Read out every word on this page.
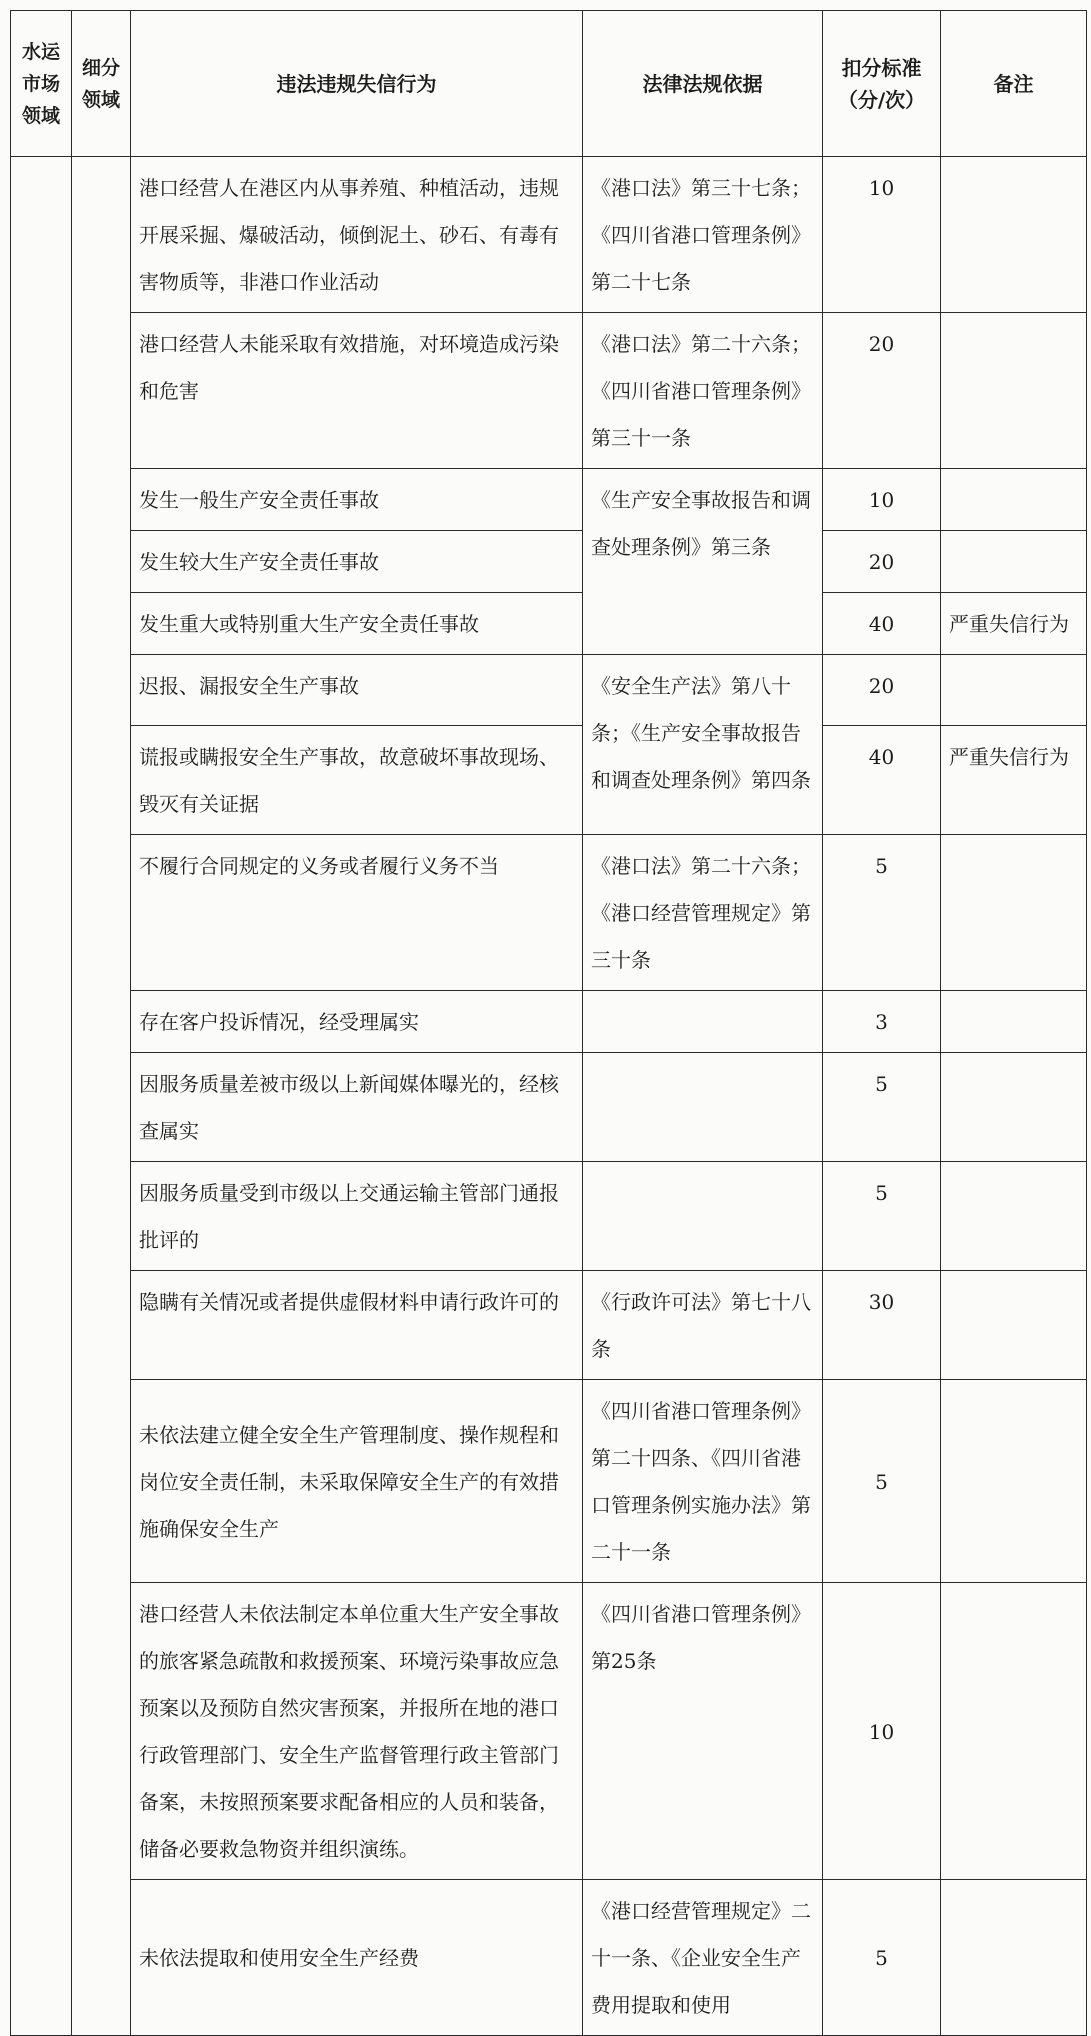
水运市场领域	细分领域	违法违规失信行为	法律法规依据	扣分标准（分/次）	备注
		港口经营人在港区内从事养殖、种植活动，违规开展采掘、爆破活动，倾倒泥土、砂石、有毒有害物质等，非港口作业活动	《港口法》第三十七条；《四川省港口管理条例》第二十七条	10	
		港口经营人未能采取有效措施，对环境造成污染和危害	《港口法》第二十六条；《四川省港口管理条例》第三十一条	20	
		发生一般生产安全责任事故	《生产安全事故报告和调查处理条例》第三条	10	
		发生较大生产安全责任事故		20	
		发生重大或特别重大生产安全责任事故		40	严重失信行为
		迟报、漏报安全生产事故	《安全生产法》第八十条；《生产安全事故报告和调查处理条例》第四条	20	
		谎报或瞒报安全生产事故，故意破坏事故现场、毁灭有关证据		40	严重失信行为
		不履行合同规定的义务或者履行义务不当	《港口法》第二十六条；《港口经营管理规定》第三十条	5	
		存在客户投诉情况，经受理属实		3	
		因服务质量差被市级以上新闻媒体曝光的，经核查属实		5	
		因服务质量受到市级以上交通运输主管部门通报批评的		5	
		隐瞒有关情况或者提供虚假材料申请行政许可的	《行政许可法》第七十八条	30	
		未依法建立健全安全生产管理制度、操作规程和岗位安全责任制，未采取保障安全生产的有效措施确保安全生产	《四川省港口管理条例》第二十四条、《四川省港口管理条例实施办法》第二十一条	5	
		港口经营人未依法制定本单位重大生产安全事故的旅客紧急疏散和救援预案、环境污染事故应急预案以及预防自然灾害预案，并报所在地的港口行政管理部门、安全生产监督管理行政主管部门备案，未按照预案要求配备相应的人员和装备，储备必要救急物资并组织演练。	《四川省港口管理条例》第25条	10	
		未依法提取和使用安全生产经费	《港口经营管理规定》二十一条、《企业安全生产费用提取和使用	5	
